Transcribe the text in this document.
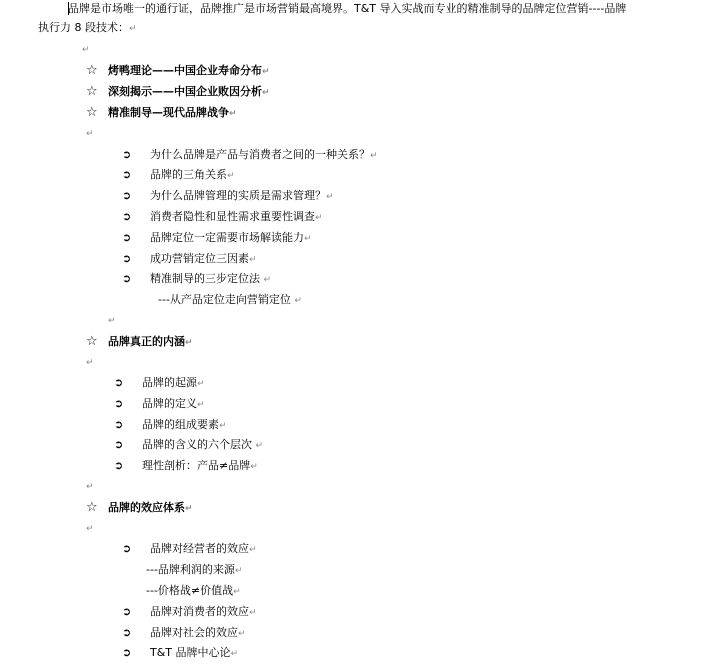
品牌是市场唯一的通行证，品牌推广是市场营销最高境界。T&T 导入实战而专业的精准制导的品牌定位营销----品牌
执行力 8 段技术：↵
↵
☆ 烤鸭理论——中国企业寿命分布↵
☆ 深刻揭示——中国企业败因分析↵
☆ 精准制导—现代品牌战争↵
↵
➲ 为什么品牌是产品与消费者之间的一种关系？↵
➲ 品牌的三角关系↵
➲ 为什么品牌管理的实质是需求管理？↵
➲ 消费者隐性和显性需求重要性调查↵
➲ 品牌定位一定需要市场解读能力↵
➲ 成功营销定位三因素↵
➲ 精准制导的三步定位法 ↵
---从产品定位走向营销定位 ↵
↵
☆ 品牌真正的内涵↵
↵
➲ 品牌的起源↵
➲ 品牌的定义↵
➲ 品牌的组成要素↵
➲ 品牌的含义的六个层次 ↵
➲ 理性剖析：产品≠品牌↵
↵
☆ 品牌的效应体系↵
↵
➲ 品牌对经营者的效应↵
---品牌利润的来源↵
---价格战≠价值战↵
➲ 品牌对消费者的效应↵
➲ 品牌对社会的效应↵
➲ T&T 品牌中心论↵
